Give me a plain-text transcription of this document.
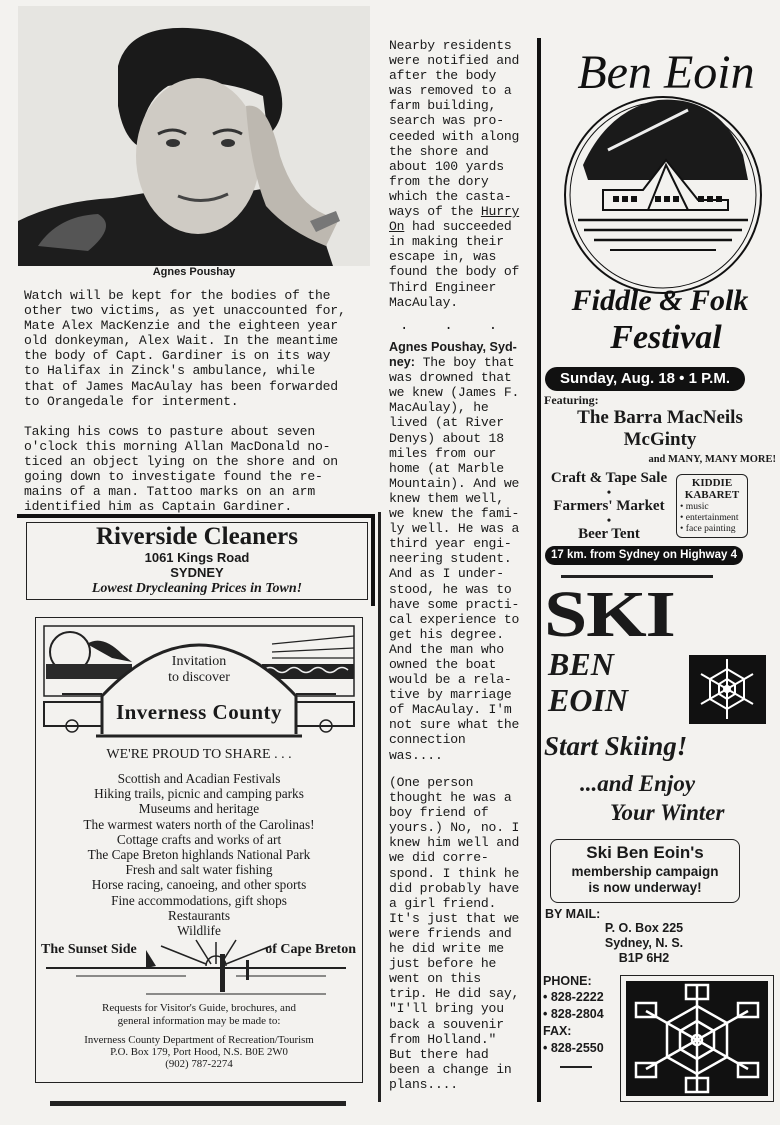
Agnes Poushay
Watch will be kept for the bodies of the
other two victims, as yet unaccounted for,
Mate Alex MacKenzie and the eighteen year
old donkeyman, Alex Wait. In the meantime
the body of Capt. Gardiner is on its way
to Halifax in Zinck's ambulance, while
that of James MacAulay has been forwarded
to Orangedale for interment.
Taking his cows to pasture about seven
o'clock this morning Allan MacDonald no-
ticed an object lying on the shore and on
going down to investigate found the re-
mains of a man. Tattoo marks on an arm
identified him as Captain Gardiner.
Riverside Cleaners
1061 Kings Road
SYDNEY
Lowest Drycleaning Prices in Town!
Invitation
to discover
Inverness County
WE'RE PROUD TO SHARE . . .
Scottish and Acadian Festivals
Hiking trails, picnic and camping parks
Museums and heritage
The warmest waters north of the Carolinas!
Cottage crafts and works of art
The Cape Breton highlands National Park
Fresh and salt water fishing
Horse racing, canoeing, and other sports
Fine accommodations, gift shops
Restaurants
Wildlife
The Sunset Side	of Cape Breton
Requests for Visitor's Guide, brochures, and
general information may be made to:
Inverness County Department of Recreation/Tourism
P.O. Box 179, Port Hood, N.S. B0E 2W0
(902) 787-2274
Nearby residents
were notified and
after the body
was removed to a
farm building,
search was pro-
ceeded with along
the shore and
about 100 yards
from the dory
which the casta-
ways of the Hurry
On had succeeded
in making their
escape in, was
found the body of
Third Engineer
MacAulay.
...
Agnes Poushay, Syd-
ney: The boy that
was drowned that
we knew (James F.
MacAulay), he
lived (at River
Denys) about 18
miles from our
home (at Marble
Mountain). And we
knew them well,
we knew the fami-
ly well. He was a
third year engi-
neering student.
And as I under-
stood, he was to
have some practi-
cal experience to
get his degree.
And the man who
owned the boat
would be a rela-
tive by marriage
of MacAulay. I'm
not sure what the
connection
was....
(One person
thought he was a
boy friend of
yours.) No, no. I
knew him well and
we did corre-
spond. I think he
did probably have
a girl friend.
It's just that we
were friends and
he did write me
just before he
went on this
trip. He did say,
"I'll bring you
back a souvenir
from Holland."
But there had
been a change in
plans....
Ben Eoin
Fiddle & Folk
Festival
Sunday, Aug. 18 • 1 P.M.
Featuring:
The Barra MacNeils
McGinty
and MANY, MANY MORE!
Craft & Tape Sale
•
Farmers' Market
•
Beer Tent
KIDDIE
KABARET
• music
• entertainment
• face painting
17 km. from Sydney on Highway 4
SKI
BEN
EOIN
Start Skiing!
...and Enjoy
Your Winter
Ski Ben Eoin's
membership campaign
is now underway!
BY MAIL:
P. O. Box 225
Sydney, N. S.
B1P 6H2
PHONE:
• 828-2222
• 828-2804
FAX:
• 828-2550
